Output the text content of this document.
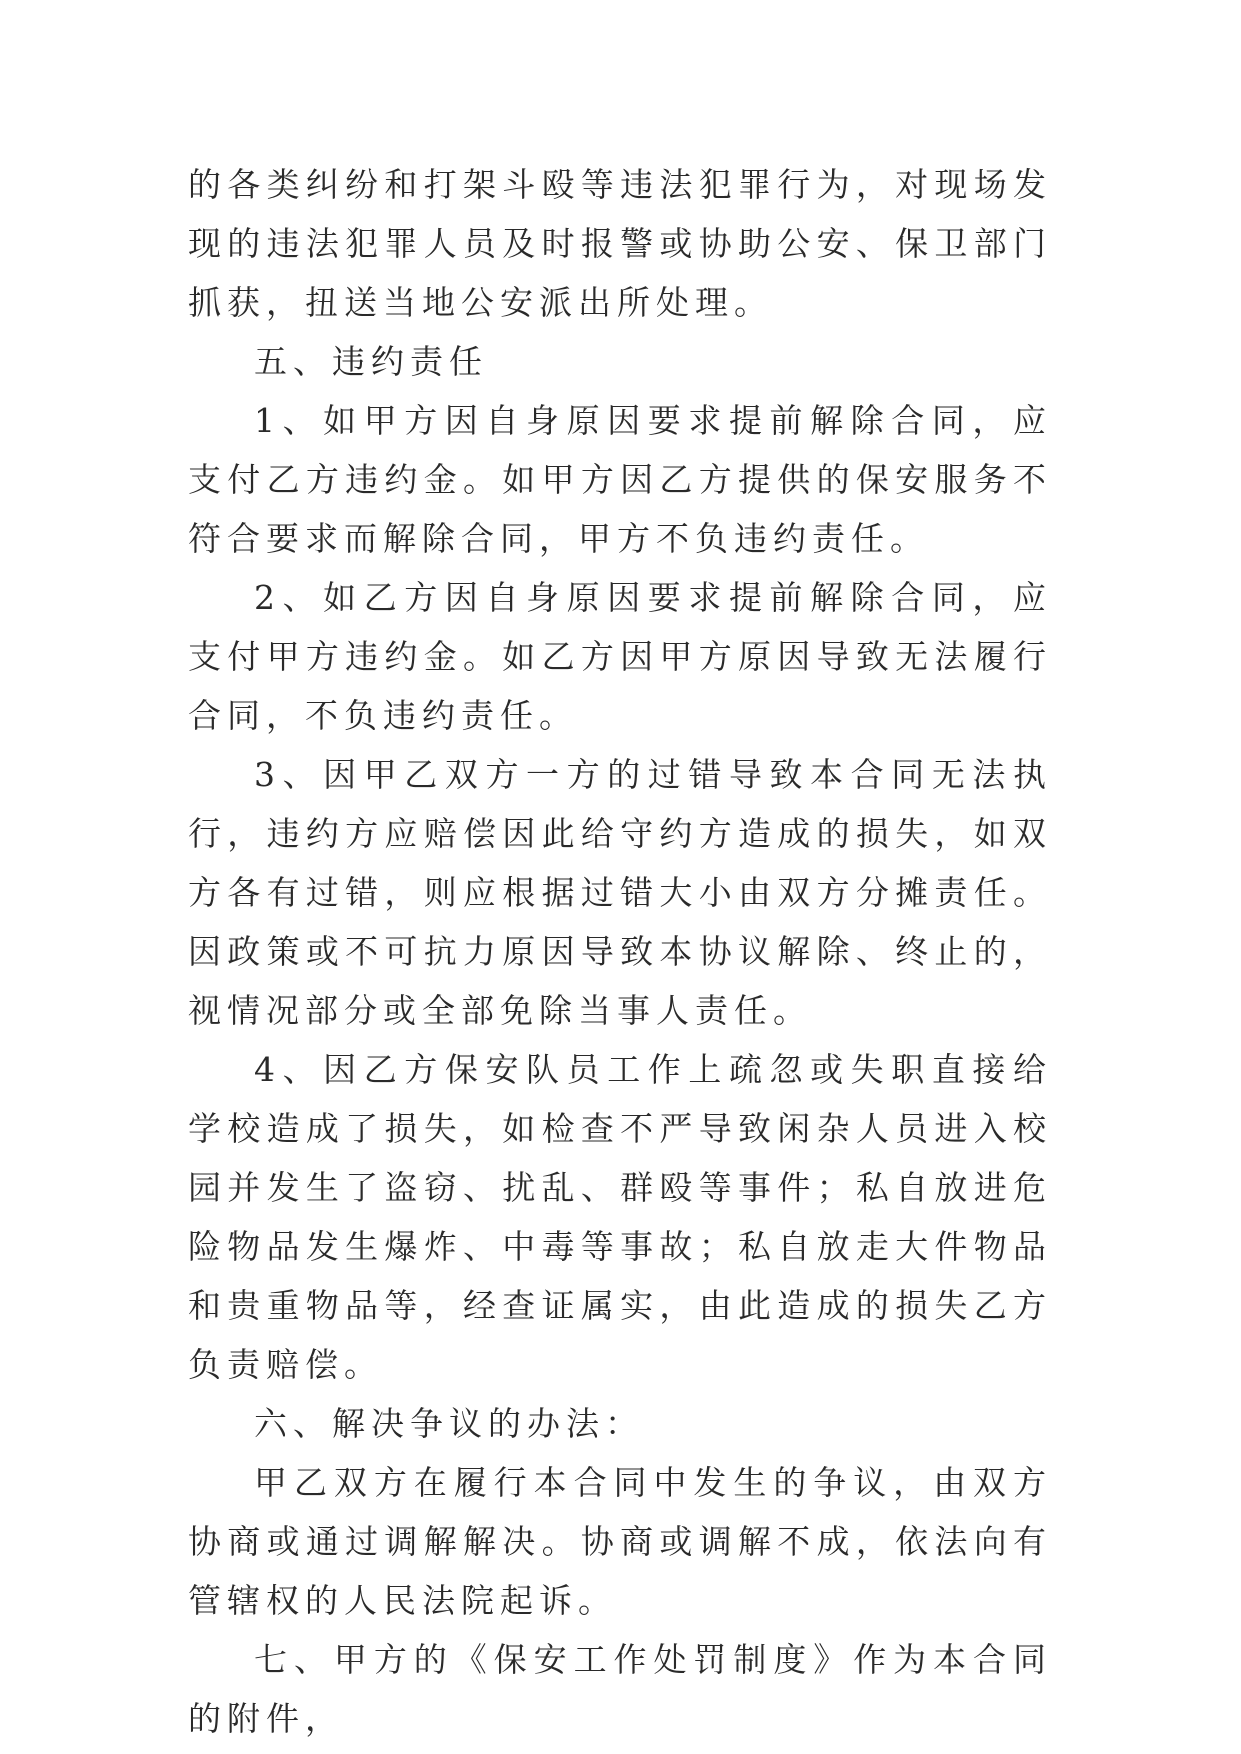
的各类纠纷和打架斗殴等违法犯罪行为，对现场发现的违法犯罪人员及时报警或协助公安、保卫部门抓获，扭送当地公安派出所处理。

五、违约责任

1、如甲方因自身原因要求提前解除合同，应支付乙方违约金。如甲方因乙方提供的保安服务不符合要求而解除合同，甲方不负违约责任。

2、如乙方因自身原因要求提前解除合同，应支付甲方违约金。如乙方因甲方原因导致无法履行合同，不负违约责任。

3、因甲乙双方一方的过错导致本合同无法执行，违约方应赔偿因此给守约方造成的损失，如双方各有过错，则应根据过错大小由双方分摊责任。因政策或不可抗力原因导致本协议解除、终止的，视情况部分或全部免除当事人责任。

4、因乙方保安队员工作上疏忽或失职直接给学校造成了损失，如检查不严导致闲杂人员进入校园并发生了盗窃、扰乱、群殴等事件；私自放进危险物品发生爆炸、中毒等事故；私自放走大件物品和贵重物品等，经查证属实，由此造成的损失乙方负责赔偿。

六、解决争议的办法：

甲乙双方在履行本合同中发生的争议，由双方协商或通过调解解决。协商或调解不成，依法向有管辖权的人民法院起诉。

七、甲方的《保安工作处罚制度》作为本合同的附件，
